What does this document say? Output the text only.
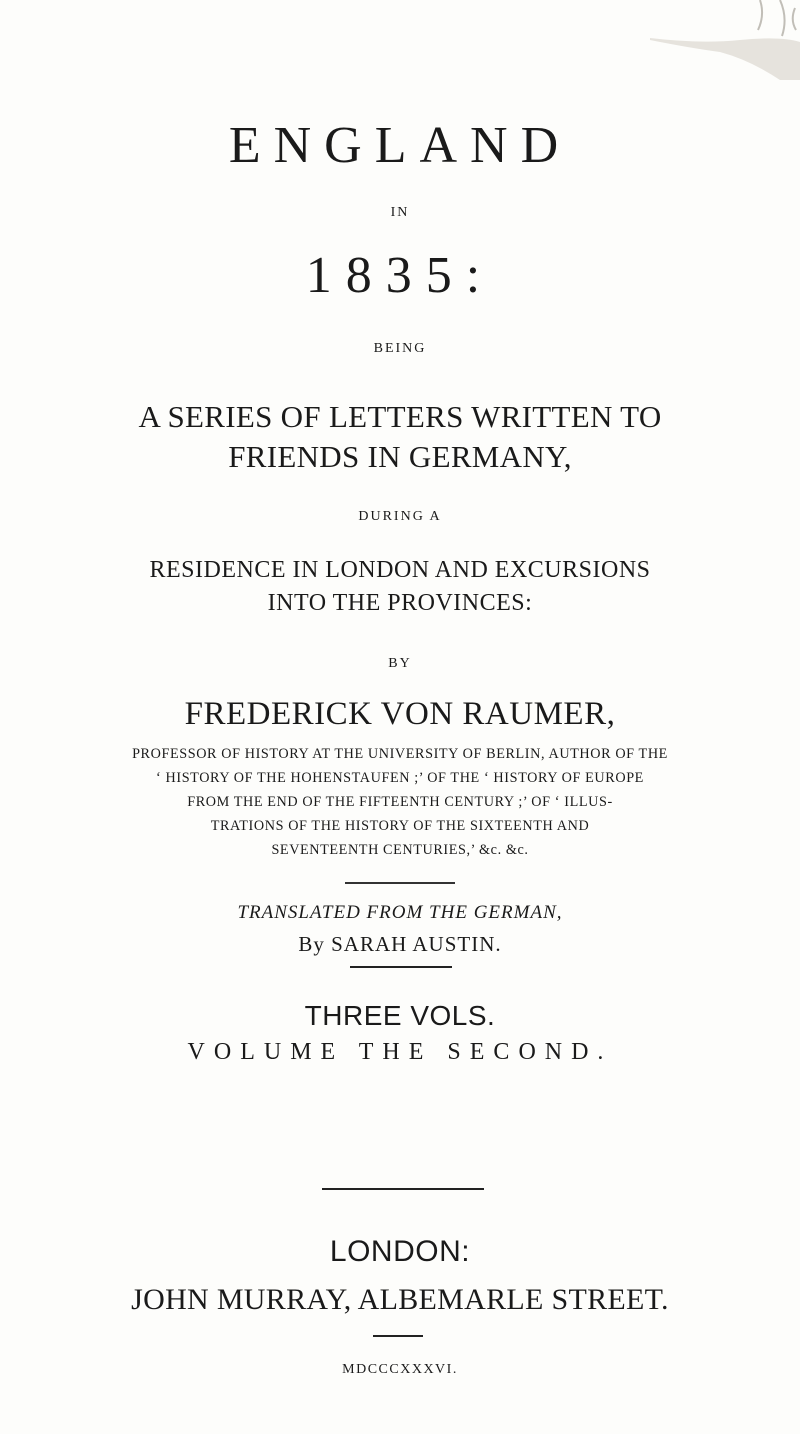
ENGLAND
IN
1835:
BEING
A SERIES OF LETTERS WRITTEN TO
FRIENDS IN GERMANY,
DURING A
RESIDENCE IN LONDON AND EXCURSIONS
INTO THE PROVINCES:
BY
FREDERICK VON RAUMER,
PROFESSOR OF HISTORY AT THE UNIVERSITY OF BERLIN, AUTHOR OF THE
‘ HISTORY OF THE HOHENSTAUFEN ;’ OF THE ‘ HISTORY OF EUROPE
FROM THE END OF THE FIFTEENTH CENTURY ;’ OF ‘ ILLUS-
TRATIONS OF THE HISTORY OF THE SIXTEENTH AND
SEVENTEENTH CENTURIES,’ &c. &c.
TRANSLATED FROM THE GERMAN,
By SARAH AUSTIN.
THREE VOLS.
VOLUME THE SECOND.
LONDON:
JOHN MURRAY, ALBEMARLE STREET.
MDCCCXXXVI.
